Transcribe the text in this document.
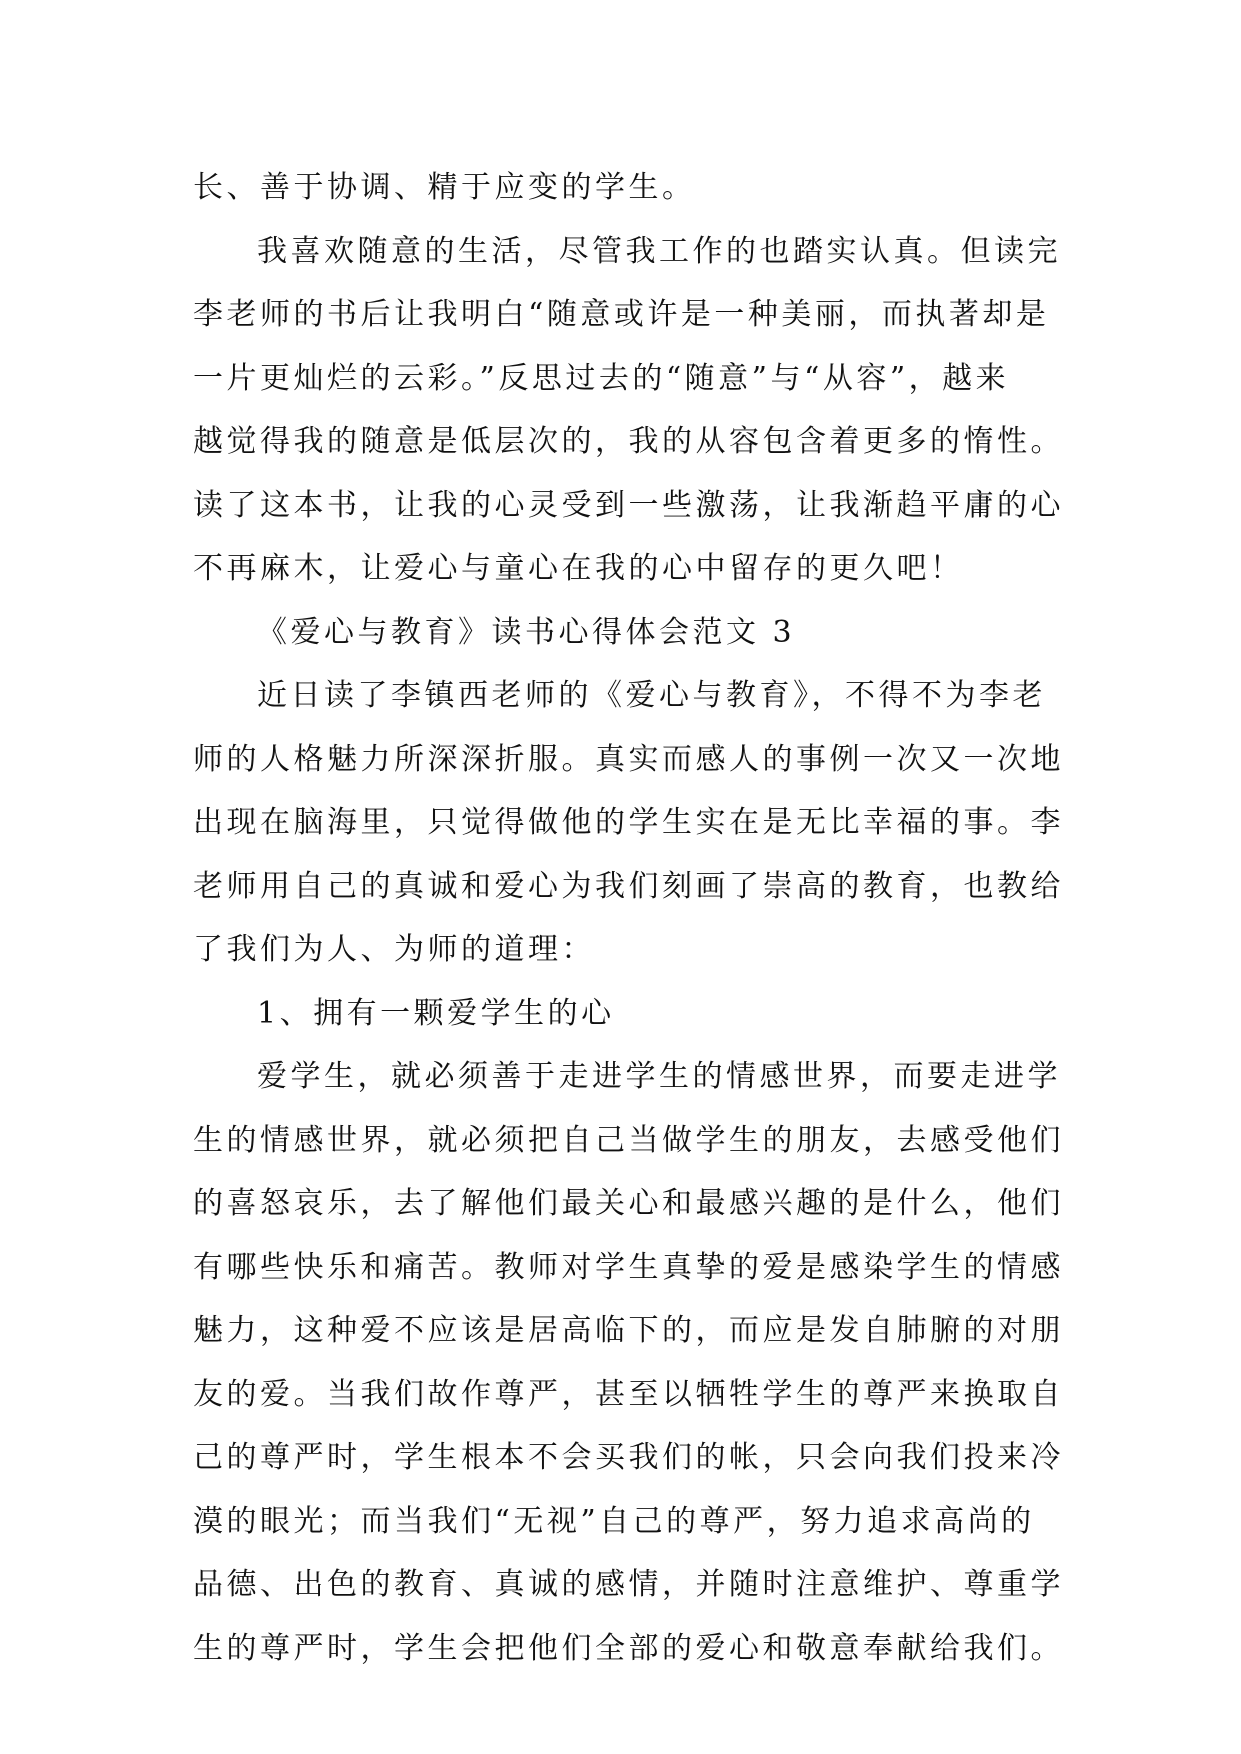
长、善于协调、精于应变的学生。
我喜欢随意的生活，尽管我工作的也踏实认真。但读完
李老师的书后让我明白“随意或许是一种美丽，而执著却是
一片更灿烂的云彩。”反思过去的“随意”与“从容”，越来
越觉得我的随意是低层次的，我的从容包含着更多的惰性。
读了这本书，让我的心灵受到一些激荡，让我渐趋平庸的心
不再麻木，让爱心与童心在我的心中留存的更久吧！
《爱心与教育》读书心得体会范文 3
近日读了李镇西老师的《爱心与教育》，不得不为李老
师的人格魅力所深深折服。真实而感人的事例一次又一次地
出现在脑海里，只觉得做他的学生实在是无比幸福的事。李
老师用自己的真诚和爱心为我们刻画了崇高的教育，也教给
了我们为人、为师的道理：
1、拥有一颗爱学生的心
爱学生，就必须善于走进学生的情感世界，而要走进学
生的情感世界，就必须把自己当做学生的朋友，去感受他们
的喜怒哀乐，去了解他们最关心和最感兴趣的是什么，他们
有哪些快乐和痛苦。教师对学生真挚的爱是感染学生的情感
魅力，这种爱不应该是居高临下的，而应是发自肺腑的对朋
友的爱。当我们故作尊严，甚至以牺牲学生的尊严来换取自
己的尊严时，学生根本不会买我们的帐，只会向我们投来冷
漠的眼光；而当我们“无视”自己的尊严，努力追求高尚的
品德、出色的教育、真诚的感情，并随时注意维护、尊重学
生的尊严时，学生会把他们全部的爱心和敬意奉献给我们。
